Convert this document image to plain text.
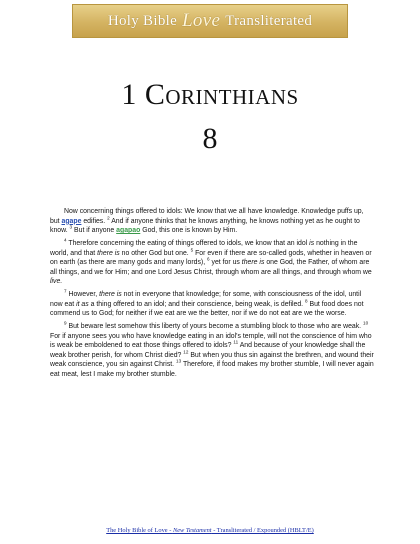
Holy Bible Love Transliterated
1 Corinthians
8

Now concerning things offered to idols: We know that we all have knowledge. Knowledge puffs up, but agape edifies. $^2$ And if anyone thinks that he knows anything, he knows nothing yet as he ought to know. $^3$ But if anyone agapao God, this one is known by Him.

$^4$ Therefore concerning the eating of things offered to idols, we know that an idol is nothing in the world, and that there is no other God but one. $^5$ For even if there are so-called gods, whether in heaven or on earth (as there are many gods and many lords), $^6$ yet for us there is one God, the Father, of whom are all things, and we for Him; and one Lord Jesus Christ, through whom are all things, and through whom we live.

$^7$ However, there is not in everyone that knowledge; for some, with consciousness of the idol, until now eat it as a thing offered to an idol; and their conscience, being weak, is defiled. $^8$ But food does not commend us to God; for neither if we eat are we the better, nor if we do not eat are we the worse.

$^9$ But beware lest somehow this liberty of yours become a stumbling block to those who are weak. $^{10}$ For if anyone sees you who have knowledge eating in an idol's temple, will not the conscience of him who is weak be emboldened to eat those things offered to idols? $^{11}$ And because of your knowledge shall the weak brother perish, for whom Christ died? $^{12}$ But when you thus sin against the brethren, and wound their weak conscience, you sin against Christ. $^{13}$ Therefore, if food makes my brother stumble, I will never again eat meat, lest I make my brother stumble.

The Holy Bible of Love - New Testament - Transliterated / Expounded (HBLT/E)
